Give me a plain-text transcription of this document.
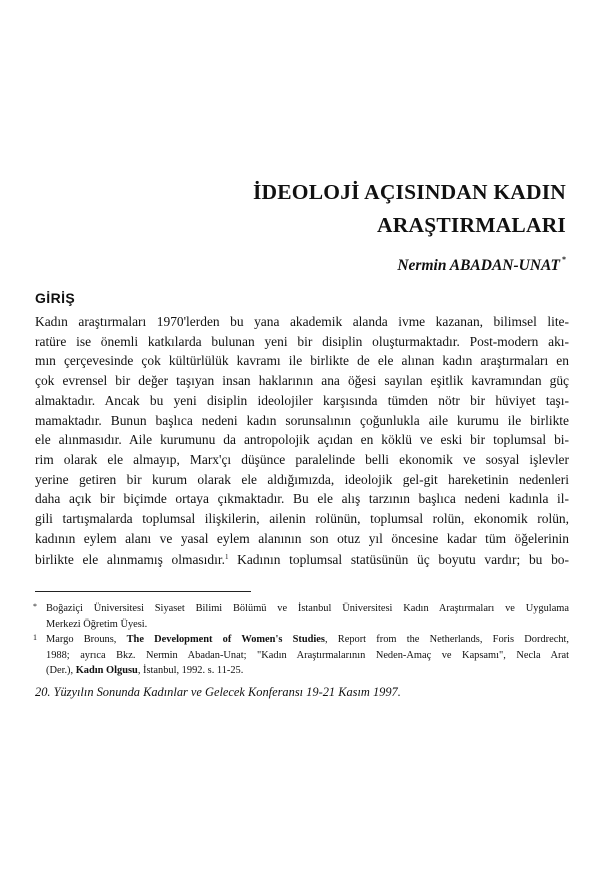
İDEOLOJİ AÇISINDAN KADIN
ARAŞTIRMALARI
Nermin ABADAN-UNAT *
GİRİŞ
Kadın araştırmaları 1970'lerden bu yana akademik alanda ivme kazanan, bilimsel lite-
ratüre ise önemli katkılarda bulunan yeni bir disiplin oluşturmaktadır. Post-modern akı-
mın çerçevesinde çok kültürlülük kavramı ile birlikte de ele alınan kadın araştırmaları en
çok evrensel bir değer taşıyan insan haklarının ana öğesi sayılan eşitlik kavramından güç
almaktadır. Ancak bu yeni disiplin ideolojiler karşısında tümden nötr bir hüviyet taşı-
mamaktadır. Bunun başlıca nedeni kadın sorunsalının çoğunlukla aile kurumu ile birlikte
ele alınmasıdır. Aile kurumunu da antropolojik açıdan en köklü ve eski bir toplumsal bi-
rim olarak ele almayıp, Marx'çı düşünce paralelinde belli ekonomik ve sosyal işlevler
yerine getiren bir kurum olarak ele aldığımızda, ideolojik gel-git hareketinin nedenleri
daha açık bir biçimde ortaya çıkmaktadır. Bu ele alış tarzının başlıca nedeni kadınla il-
gili tartışmalarda toplumsal ilişkilerin, ailenin rolünün, toplumsal rolün, ekonomik rolün,
kadının eylem alanı ve yasal eylem alanının son otuz yıl öncesine kadar tüm öğelerinin
birlikte ele alınmamış olmasıdır.$^1$ Kadının toplumsal statüsünün üç boyutu vardır; bu bo-
* Boğaziçi Üniversitesi Siyaset Bilimi Bölümü ve İstanbul Üniversitesi Kadın Araştırmaları ve Uygulama
Merkezi Öğretim Üyesi.
1 Margo Brouns, The Development of Women's Studies, Report from the Netherlands, Foris Dordrecht,
1988; ayrıca Bkz. Nermin Abadan-Unat; "Kadın Araştırmalarının Neden-Amaç ve Kapsamı", Necla Arat
(Der.), Kadın Olgusu, İstanbul, 1992. s. 11-25.
20. Yüzyılın Sonunda Kadınlar ve Gelecek Konferansı 19-21 Kasım 1997.
